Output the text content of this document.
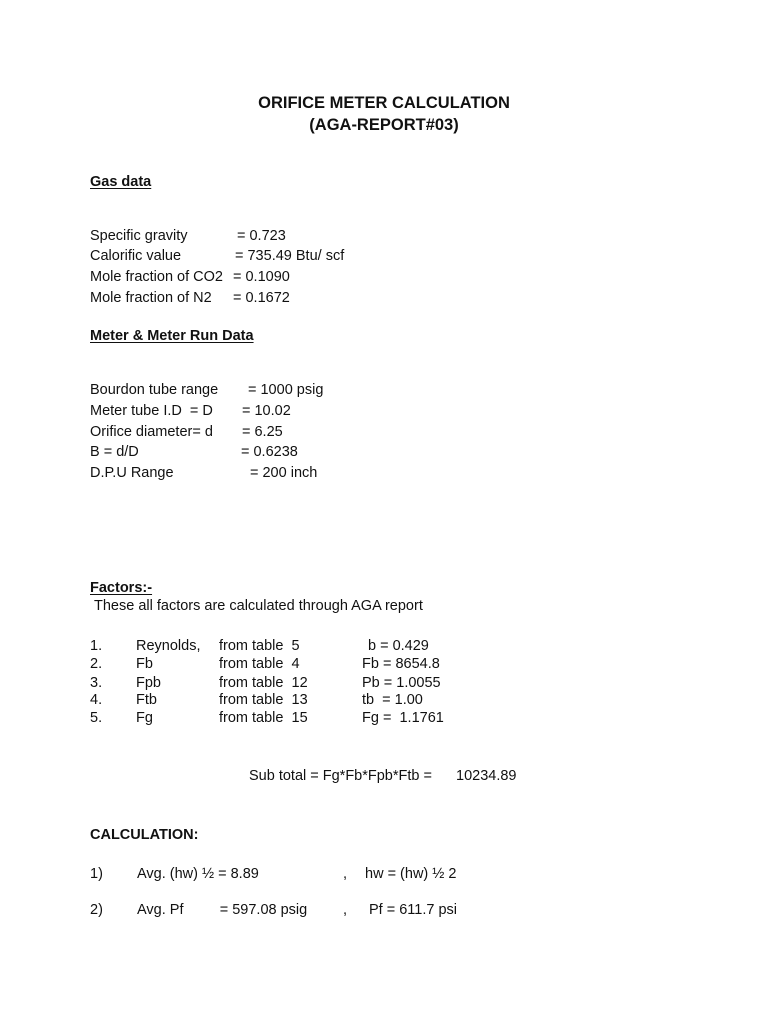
ORIFICE METER CALCULATION
(AGA-REPORT#03)
Gas data
Specific gravity	= 0.723
Calorific value	= 735.49 Btu/ scf
Mole fraction of CO2 = 0.1090
Mole fraction of N2 = 0.1672
Meter & Meter Run Data
Bourdon tube range = 1000 psig
Meter tube I.D  = D = 10.02
Orifice diameter= d = 6.25
B = d/D	= 0.6238
D.P.U Range	= 200 inch
Factors:-
These all factors are calculated through AGA report
1. Reynolds, from table  5	b = 0.429
2. Fb	from table  4	Fb = 8654.8
3. Fpb	from table  12	Pb = 1.0055
4. Ftb	from table  13	tb  = 1.00
5. Fg	from table  15	Fg =  1.1761
Sub total = Fg*Fb*Fpb*Ftb = 10234.89
CALCULATION:
1) Avg. (hw) ½ = 8.89	, hw = (hw) ½ 2
2) Avg. Pf         = 597.08 psig , Pf = 611.7 psi
